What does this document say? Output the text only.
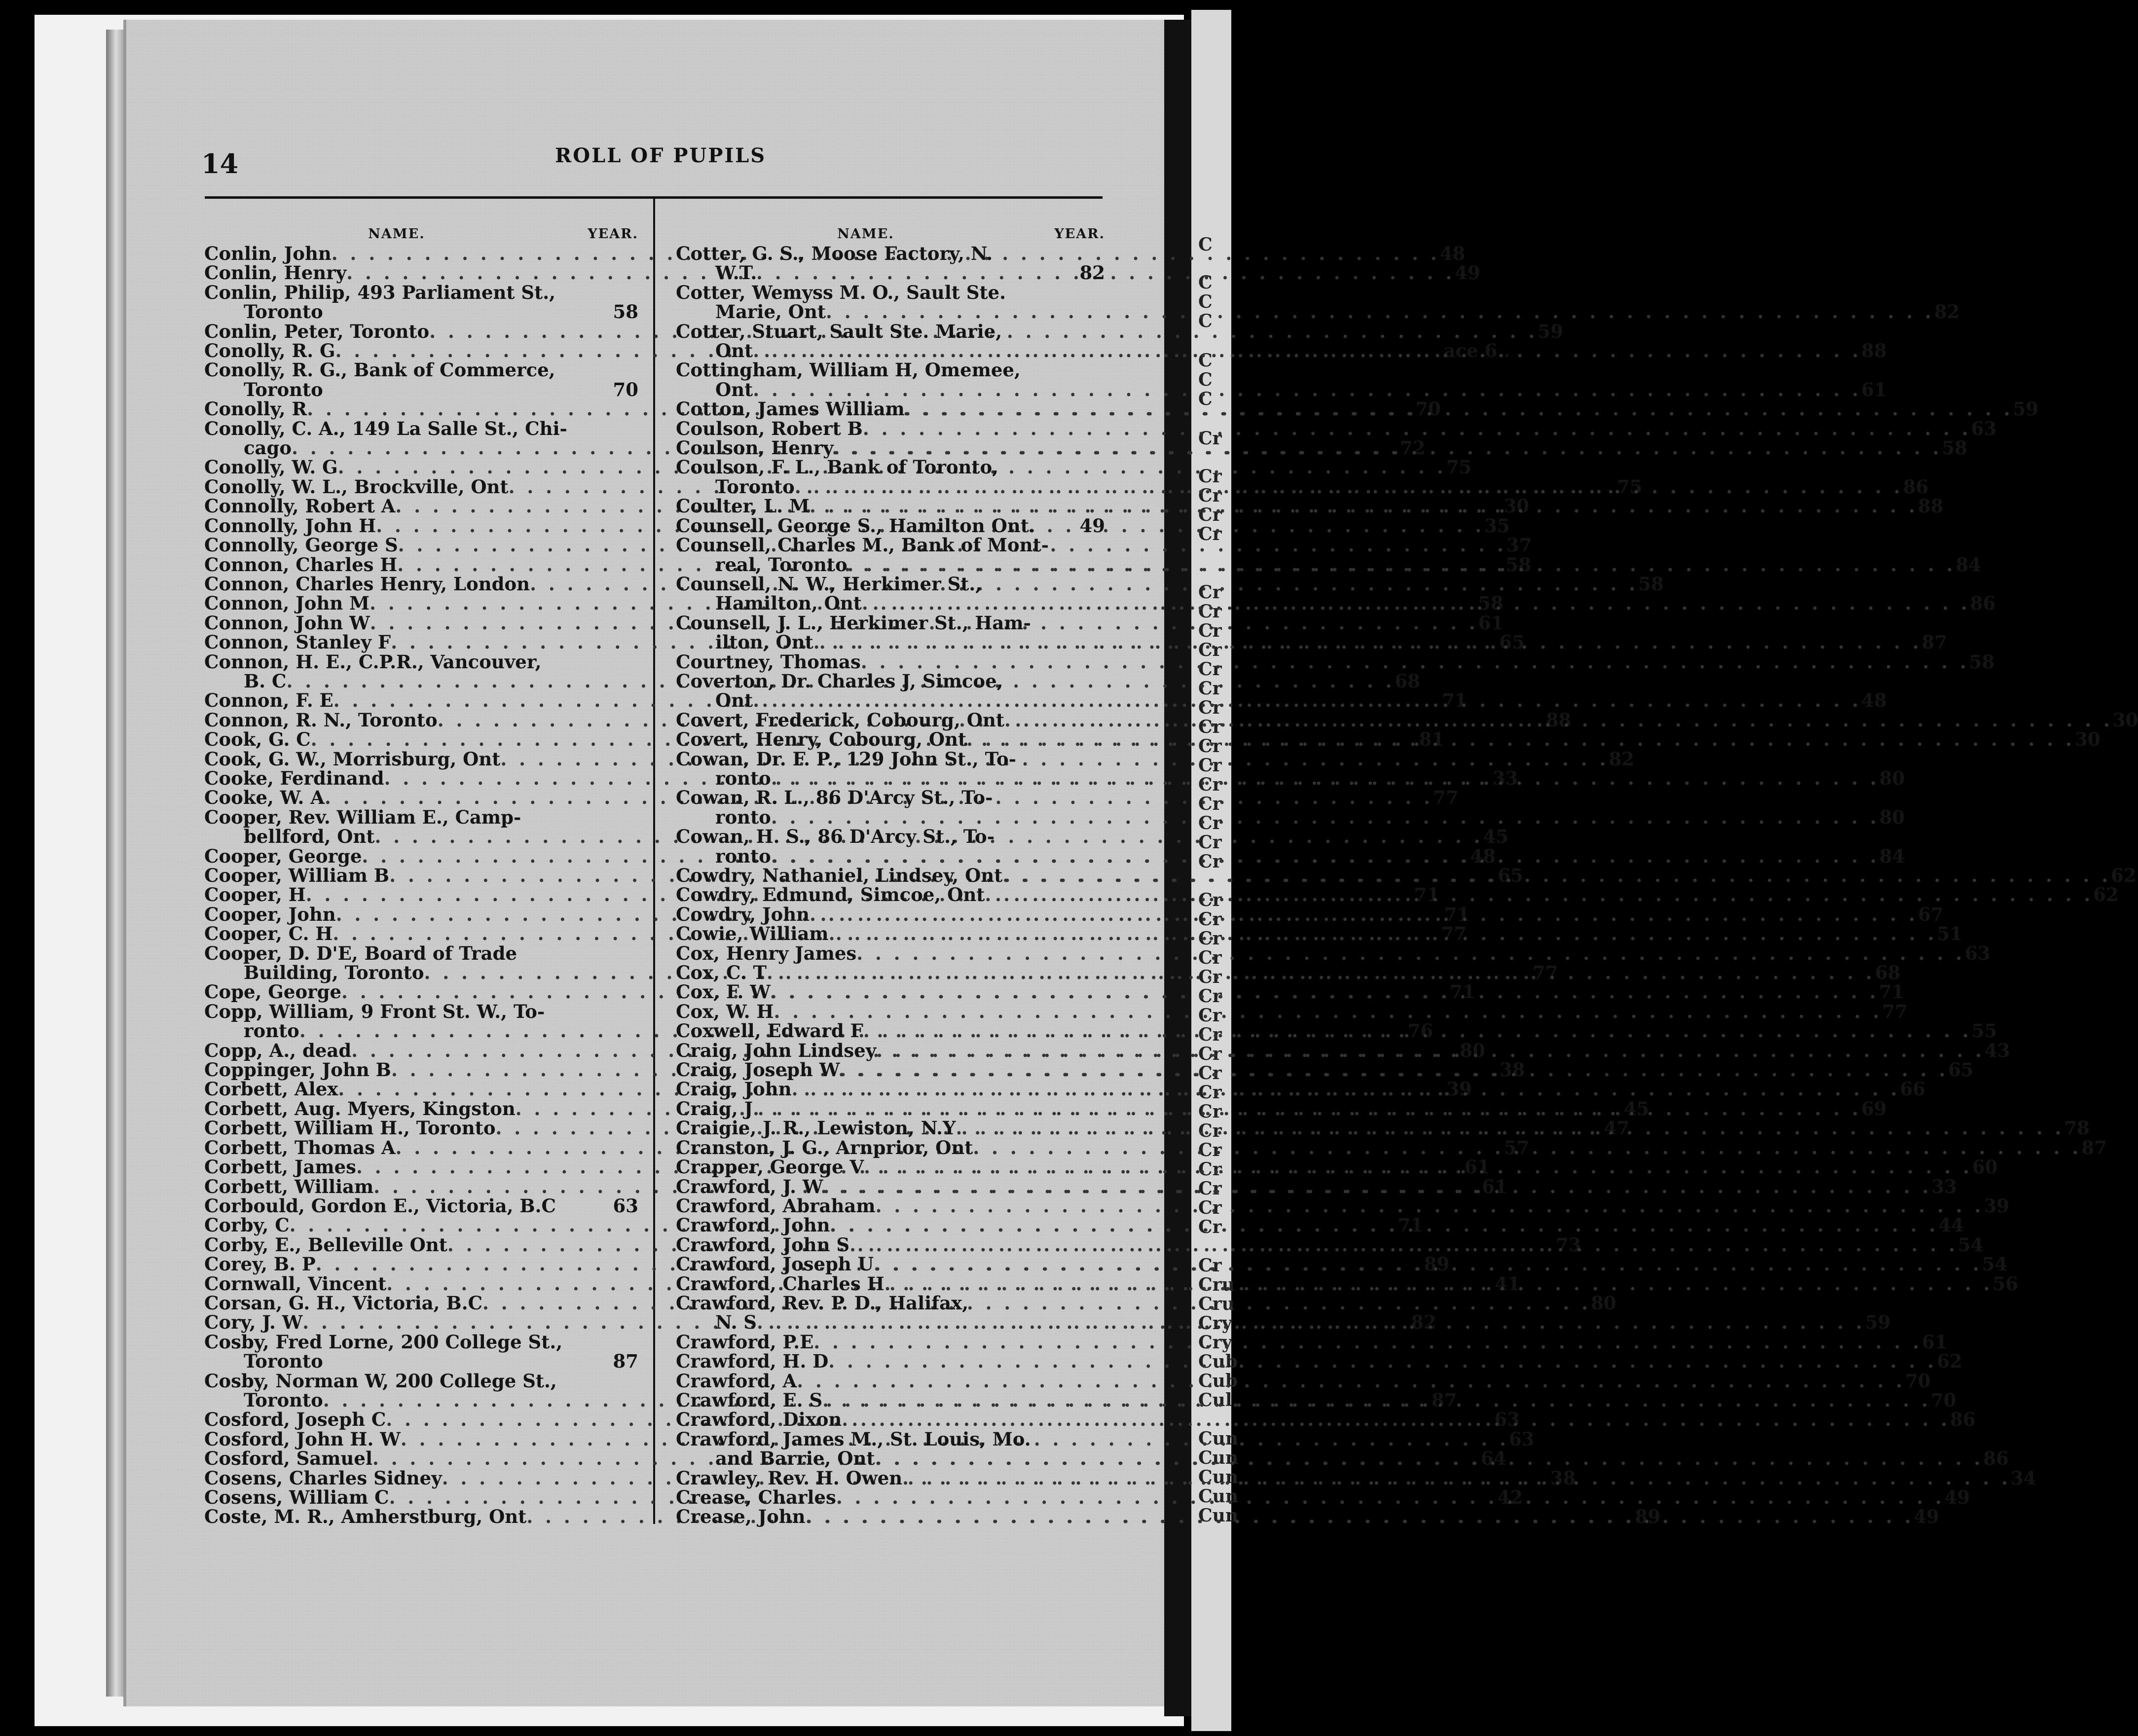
C
C
C
C
C
C
C
Cr
Cr
Cr
Cr
Cr
Cr
Cr
Cr
Cr
Cr
Cr
Cr
Cr
Cr
Cr
Cr
Cr
Cr
Cr
Cr
Cr
Cr
Cr
Cr
Cr
Cr
Cr
Cr
Cr
Cr
Cr
Cr
Cr
Cr
Cr
Cr
Cr
Cr
Cr
Cru
Cru
Cry
Cry
Cub
Cub
Cul
Cun
Cun
Cun
Cun
Cun
14	ROLL OF PUPILS
NAME.	YEAR.
Conlin, John . . .	48
Conlin, Henry . . .	49
Conlin, Philip, 493 Parliament St.,
Toronto	58
Conlin, Peter, Toronto . . .	59
Conolly, R. G . . .	ace 6..
Conolly, R. G., Bank of Commerce,
Toronto	70
Conolly, R . . .	70
Conolly, C. A., 149 La Salle St., Chi-
cago . . .	72
Conolly, W. G . . .	75
Conolly, W. L., Brockville, Ont . . .	75
Connolly, Robert A . . .	30
Connolly, John H . . .	35
Connolly, George S . . .	37
Connon, Charles H . . .	58
Connon, Charles Henry, London . . .	58
Connon, John M . . .	58
Connon, John W . . .	61
Connon, Stanley F . . .	65
Connon, H. E., C.P.R., Vancouver,
B. C . . .	68
Connon, F. E . . .	71
Connon, R. N., Toronto . . .	88
Cook, G. C . . .	81
Cook, G. W., Morrisburg, Ont . . .	82
Cooke, Ferdinand . . .	33
Cooke, W. A . . .	77
Cooper, Rev. William E., Camp-
bellford, Ont . . .	45
Cooper, George . . .	48
Cooper, William B . . .	65
Cooper, H . . .	71
Cooper, John . . .	71
Cooper, C. H . . .	77
Cooper, D. D'E, Board of Trade
Building, Toronto . . .	77
Cope, George . . .	71
Copp, William, 9 Front St. W., To-
ronto . . .	76
Copp, A., dead . . .	80
Coppinger, John B . . .	38
Corbett, Alex . . .	39
Corbett, Aug. Myers, Kingston . . .	45
Corbett, William H., Toronto . . .	47
Corbett, Thomas A . . .	57
Corbett, James . . .	61
Corbett, William . . .	61
Corbould, Gordon E., Victoria, B.C	63
Corby, C . . .	71
Corby, E., Belleville Ont . . .	73
Corey, B. P . . .	89
Cornwall, Vincent . . .	41
Corsan, G. H., Victoria, B.C . . .	80
Cory, J. W . . .	82
Cosby, Fred Lorne, 200 College St.,
Toronto	87
Cosby, Norman W, 200 College St.,
Toronto . . .	87
Cosford, Joseph C . . .	63
Cosford, John H. W . . .	63
Cosford, Samuel . . .	64
Cosens, Charles Sidney . . .	38
Cosens, William C . . .	42
Coste, M. R., Amherstburg, Ont . . .	89
NAME.	YEAR.
Cotter, G. S., Moose Factory, N.
W.T.	82
Cotter, Wemyss M. O., Sault Ste.
Marie, Ont . . .	82
Cotter, Stuart, Sault Ste. Marie,
Ont . . .	88
Cottingham, William H, Omemee,
Ont . . .	61
Cotton, James William . . .	59
Coulson, Robert B . . .	63
Coulson, Henry . . .	58
Coulson, F. L., Bank of Toronto,
Toronto . . .	86
Coulter, L. M . . .	88
Counsell, George S., Hamilton Ont.	49
Counsell, Charles M., Bank of Mont-
real, Toronto . . .	84
Counsell, N. W., Herkimer St.,
Hamilton, Ont . . .	86
Counsell, J. L., Herkimer St., Ham-
ilton, Ont . . .	87
Courtney, Thomas . . .	58
Coverton, Dr. Charles J, Simcoe,
Ont . . .	48
Covert, Frederick, Cobourg, Ont . . .	30
Covert, Henry, Cobourg, Ont . . .	30
Cowan, Dr. F. P., 129 John St., To-
ronto . . .	80
Cowan, R. L., 86 D'Arcy St., To-
ronto . . .	80
Cowan, H. S., 86 D'Arcy St., To-
ronto . . .	84
Cowdry, Nathaniel, Lindsey, Ont . . .	62
Cowdry, Edmund, Simcoe, Ont . . .	62
Cowdry, John . . .	67
Cowie, William . . .	51
Cox, Henry James . . .	63
Cox, C. T . . .	68
Cox, F. W . . .	71
Cox, W. H . . .	77
Coxwell, Edward F . . .	55
Craig, John Lindsey . . .	43
Craig, Joseph W . . .	65
Craig, John . . .	66
Craig, J . . .	69
Craigie, J. R., Lewiston, N.Y . . .	78
Cranston, J. G., Arnprior, Ont . . .	87
Crapper, George V . . .	60
Crawford, J. W . . .	33
Crawford, Abraham . . .	39
Crawford, John . . .	44
Crawford, John S . . .	54
Crawford, Joseph U . . .	54
Crawford, Charles H . . .	56
Crawford, Rev. P. D., Halifax,
N. S . . .	59
Crawford, P.E . . .	61
Crawford, H. D . . .	62
Crawford, A . . .	70
Crawford, E. S . . .	70
Crawford, Dixon . . .	86
Crawford, James M., St. Louis, Mo.
and Barrie, Ont . . .	86
Crawley, Rev. H. Owen . . .	34
Crease, Charles . . .	49
Crease, John . . .	49
